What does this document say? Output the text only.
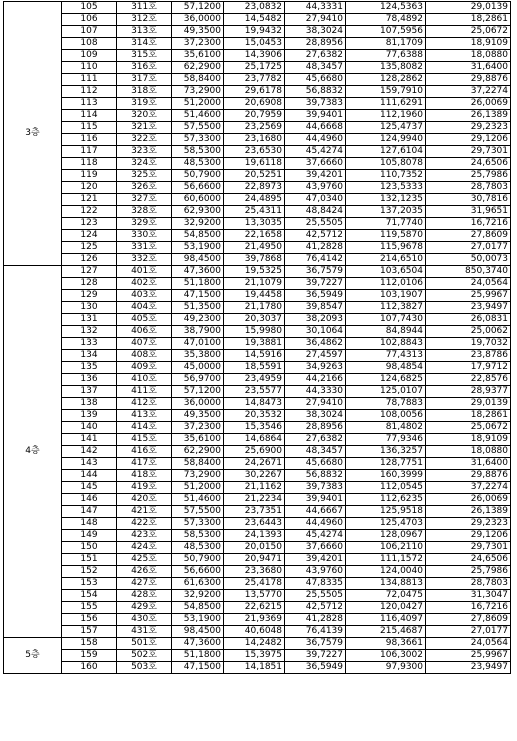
3층	105	311호	57,1200	23,0832	44,3331	124,5363	29,0139
	106	312호	36,0000	14,5482	27,9410	78,4892	18,2861
	107	313호	49,3500	19,9432	38,3024	107,5956	25,0672
	108	314호	37,2300	15,0453	28,8956	81,1709	18,9109
	109	315호	35,6100	14,3906	27,6382	77,6388	18,0880
	110	316호	62,2900	25,1725	48,3457	135,8082	31,6400
	111	317호	58,8400	23,7782	45,6680	128,2862	29,8876
	112	318호	73,2900	29,6178	56,8832	159,7910	37,2274
	113	319호	51,2000	20,6908	39,7383	111,6291	26,0069
	114	320호	51,4600	20,7959	39,9401	112,1960	26,1389
	115	321호	57,5500	23,2569	44,6668	125,4737	29,2323
	116	322호	57,3300	23,1680	44,4960	124,9940	29,1206
	117	323호	58,5300	23,6530	45,4274	127,6104	29,7301
	118	324호	48,5300	19,6118	37,6660	105,8078	24,6506
	119	325호	50,7900	20,5251	39,4201	110,7352	25,7986
	120	326호	56,6600	22,8973	43,9760	123,5333	28,7803
	121	327호	60,6000	24,4895	47,0340	132,1235	30,7816
	122	328호	62,9300	25,4311	48,8424	137,2035	31,9651
	123	329호	32,9200	13,3035	25,5505	71,7740	16,7216
	124	330호	54,8500	22,1658	42,5712	119,5870	27,8609
	125	331호	53,1900	21,4950	41,2828	115,9678	27,0177
	126	332호	98,4500	39,7868	76,4142	214,6510	50,0073
4층	127	401호	47,3600	19,5325	36,7579	103,6504	850,3740
	128	402호	51,1800	21,1079	39,7227	112,0106	24,0564
	129	403호	47,1500	19,4458	36,5949	103,1907	25,9967
	130	404호	51,3500	21,1780	39,8547	112,3827	23,9497
	131	405호	49,2300	20,3037	38,2093	107,7430	26,0831
	132	406호	38,7900	15,9980	30,1064	84,8944	25,0062
	133	407호	47,0100	19,3881	36,4862	102,8843	19,7032
	134	408호	35,3800	14,5916	27,4597	77,4313	23,8786
	135	409호	45,0000	18,5591	34,9263	98,4854	17,9712
	136	410호	56,9700	23,4959	44,2166	124,6825	22,8576
	137	411호	57,1200	23,5577	44,3330	125,0107	28,9377
	138	412호	36,0000	14,8473	27,9410	78,7883	29,0139
	139	413호	49,3500	20,3532	38,3024	108,0056	18,2861
	140	414호	37,2300	15,3546	28,8956	81,4802	25,0672
	141	415호	35,6100	14,6864	27,6382	77,9346	18,9109
	142	416호	62,2900	25,6900	48,3457	136,3257	18,0880
	143	417호	58,8400	24,2671	45,6680	128,7751	31,6400
	144	418호	73,2900	30,2267	56,8832	160,3999	29,8876
	145	419호	51,2000	21,1162	39,7383	112,0545	37,2274
	146	420호	51,4600	21,2234	39,9401	112,6235	26,0069
	147	421호	57,5500	23,7351	44,6667	125,9518	26,1389
	148	422호	57,3300	23,6443	44,4960	125,4703	29,2323
	149	423호	58,5300	24,1393	45,4274	128,0967	29,1206
	150	424호	48,5300	20,0150	37,6660	106,2110	29,7301
	151	425호	50,7900	20,9471	39,4201	111,1572	24,6506
	152	426호	56,6600	23,3680	43,9760	124,0040	25,7986
	153	427호	61,6300	25,4178	47,8335	134,8813	28,7803
	154	428호	32,9200	13,5770	25,5505	72,0475	31,3047
	155	429호	54,8500	22,6215	42,5712	120,0427	16,7216
	156	430호	53,1900	21,9369	41,2828	116,4097	27,8609
	157	431호	98,4500	40,6048	76,4139	215,4687	27,0177
5층	158	501호	47,3600	14,2482	36,7579	98,3661	24,0564
	159	502호	51,1800	15,3975	39,7227	106,3002	25,9967
	160	503호	47,1500	14,1851	36,5949	97,9300	23,9497
